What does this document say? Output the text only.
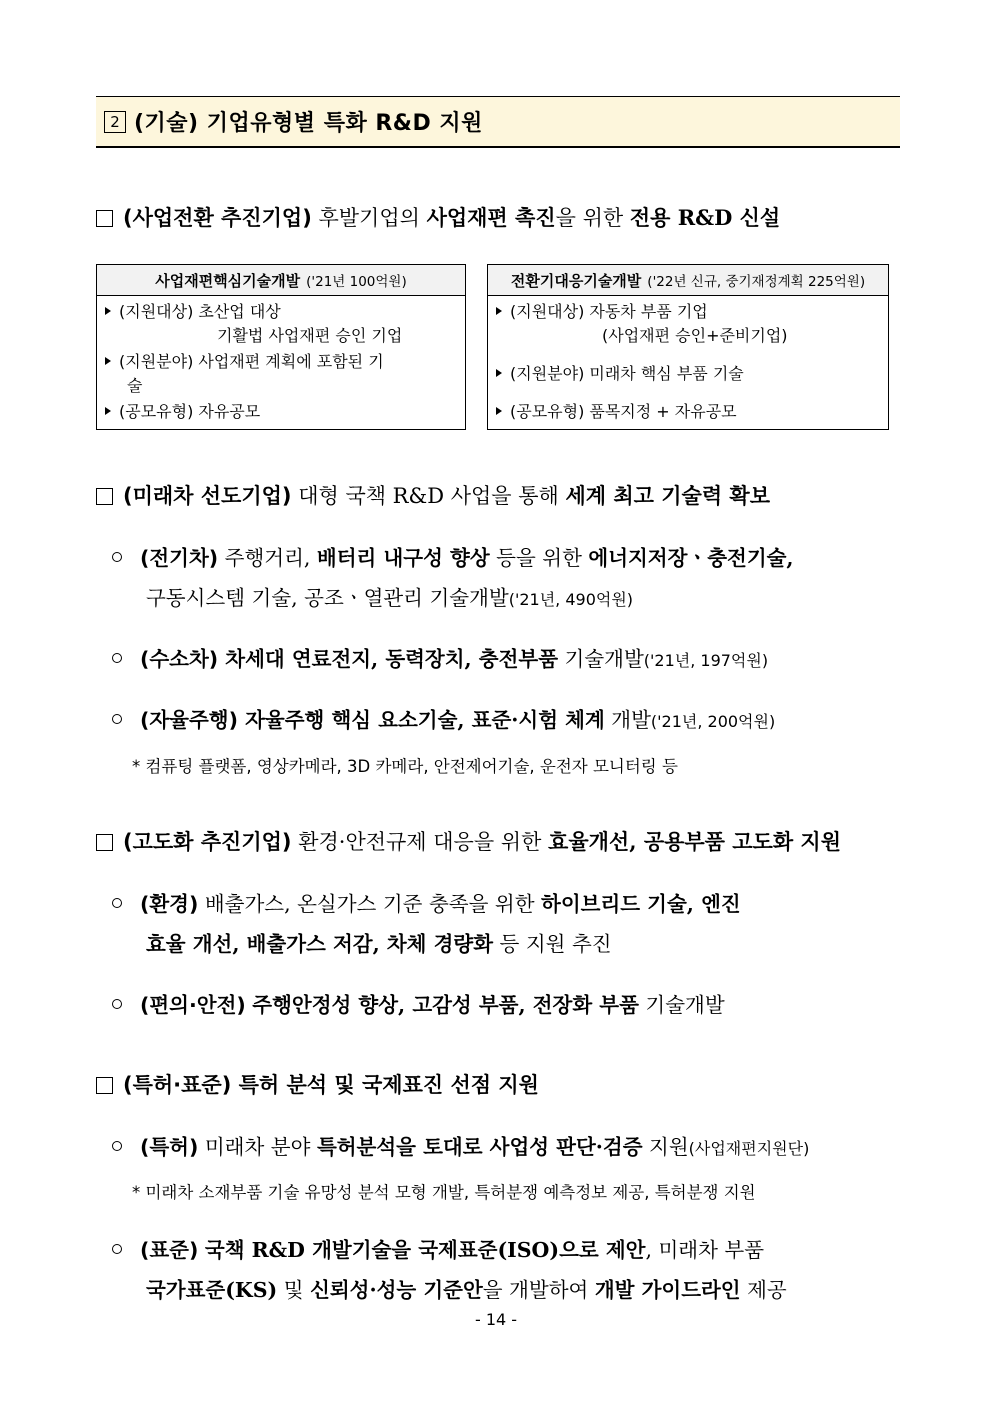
2 (기술) 기업유형별 특화 R&D 지원
(사업전환 추진기업) 후발기업의 사업재편 촉진을 위한 전용 R&D 신설
사업재편핵심기술개발 ('21년 100억원)
(지원대상) 초산업 대상
기활법 사업재편 승인 기업
(지원분야) 사업재편 계획에 포함된 기
술
(공모유형) 자유공모
전환기대응기술개발 ('22년 신규, 중기재정계획 225억원)
(지원대상) 자동차 부품 기업
(사업재편 승인+준비기업)
(지원분야) 미래차 핵심 부품 기술
(공모유형) 품목지정 + 자유공모
(미래차 선도기업) 대형 국책 R&D 사업을 통해 세계 최고 기술력 확보
(전기차) 주행거리, 배터리 내구성 향상 등을 위한 에너지저장ㆍ충전기술,
구동시스템 기술, 공조ㆍ열관리 기술개발('21년, 490억원)
(수소차) 차세대 연료전지, 동력장치, 충전부품 기술개발('21년, 197억원)
(자율주행) 자율주행 핵심 요소기술, 표준·시험 체계 개발('21년, 200억원)
* 컴퓨팅 플랫폼, 영상카메라, 3D 카메라, 안전제어기술, 운전자 모니터링 등
(고도화 추진기업) 환경·안전규제 대응을 위한 효율개선, 공용부품 고도화 지원
(환경) 배출가스, 온실가스 기준 충족을 위한 하이브리드 기술, 엔진
효율 개선, 배출가스 저감, 차체 경량화 등 지원 추진
(편의·안전) 주행안정성 향상, 고감성 부품, 전장화 부품 기술개발
(특허·표준) 특허 분석 및 국제표진 선점 지원
(특허) 미래차 분야 특허분석을 토대로 사업성 판단·검증 지원(사업재편지원단)
* 미래차 소재부품 기술 유망성 분석 모형 개발, 특허분쟁 예측정보 제공, 특허분쟁 지원
(표준) 국책 R&D 개발기술을 국제표준(ISO)으로 제안, 미래차 부품
국가표준(KS) 및 신뢰성·성능 기준안을 개발하여 개발 가이드라인 제공
- 14 -
